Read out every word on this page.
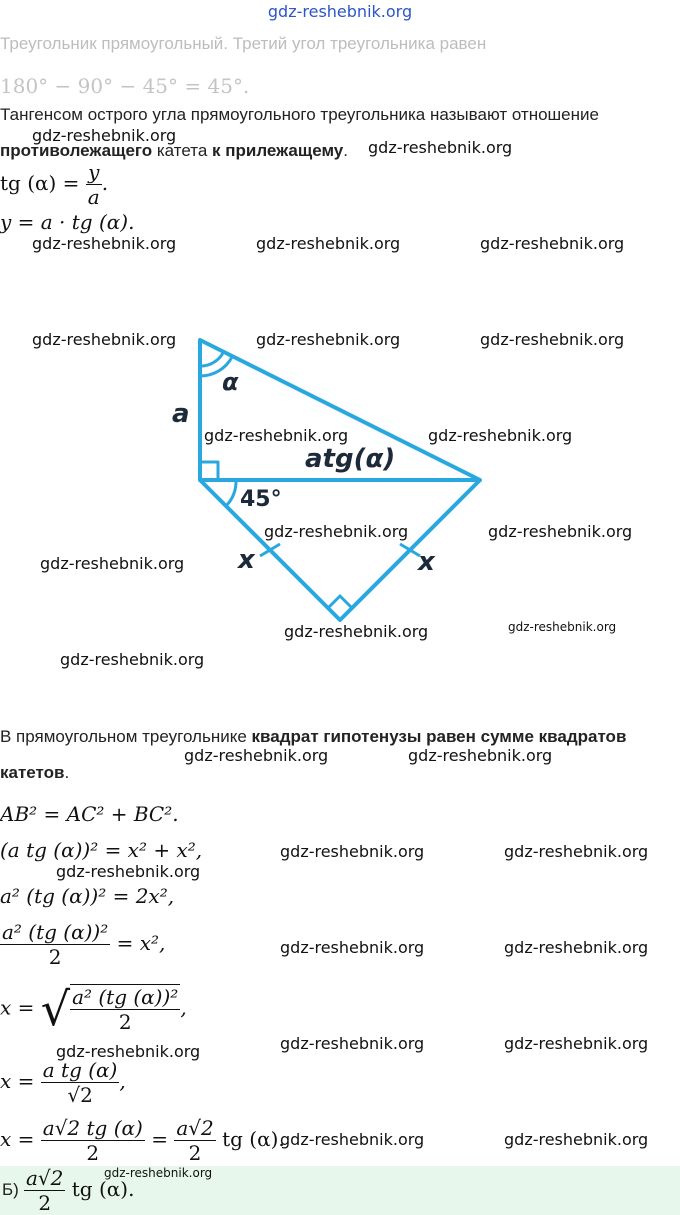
gdz-reshebnik.org
Треугольник прямоугольный. Третий угол треугольника равен
180° − 90° − 45° = 45°.
Тангенсом острого угла прямоугольного треугольника называют отношение
противолежащего катета к прилежащему.
tg $(\alpha) = \frac{y}{a}$ .
y = a · tg (α).
α
a
atg(α)
45°
x	x
В прямоугольном треугольнике квадрат гипотенузы равен сумме квадратов
катетов.
AB² = AC² + BC².
(a tg (α))² = x² + x²,
a² (tg (α))² = 2x²,
$\frac{\text{a² (tg (α))²}}{2} = x^2$,
x = √ $\frac{\text{a² (tg (α))²}}{2}$ ,
$x = \frac{\text{a tg (α)}}{√2}$ ,
$x = \frac{a√2 tg (\alpha)}{2} = \frac{a√2}{2}$ tg (α).
$Б) \frac{a√2}{2}$ tg (α).
gdz-reshebnik.org
gdz-reshebnik.org
gdz-reshebnik.org	gdz-reshebnik.org	gdz-reshebnik.org
gdz-reshebnik.org	gdz-reshebnik.org	gdz-reshebnik.org
gdz-reshebnik.org	gdz-reshebnik.org
gdz-reshebnik.org	gdz-reshebnik.org
gdz-reshebnik.org
gdz-reshebnik.org	gdz-reshebnik.org
gdz-reshebnik.org
gdz-reshebnik.org	gdz-reshebnik.org
gdz-reshebnik.org	gdz-reshebnik.org
gdz-reshebnik.org
gdz-reshebnik.org	gdz-reshebnik.org
gdz-reshebnik.org	gdz-reshebnik.org	gdz-reshebnik.org
gdz-reshebnik.org	gdz-reshebnik.org
gdz-reshebnik.org
